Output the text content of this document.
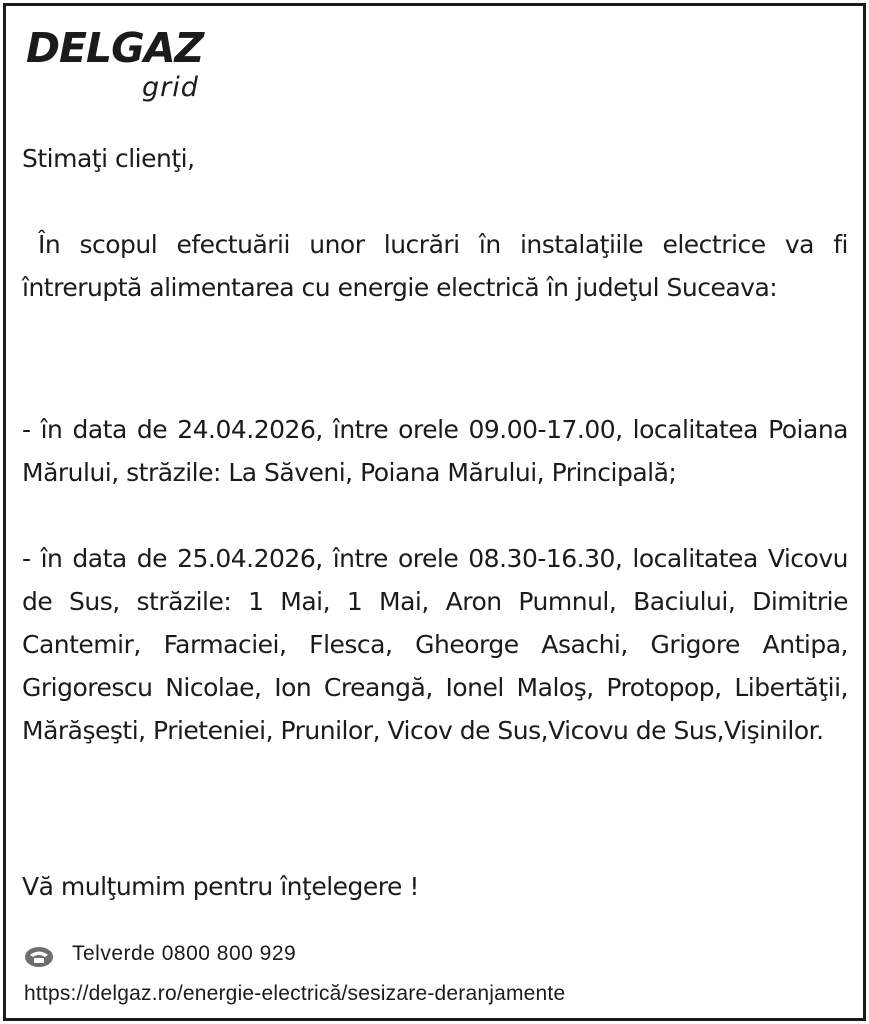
DELGAZ
grid
Stimaţi clienţi,
În scopul efectuării unor lucrări în instalaţiile electrice va fi întreruptă alimentarea cu energie electrică în judeţul Suceava:
- în data de 24.04.2026, între orele 09.00-17.00, localitatea Poiana Mărului, străzile: La Săveni, Poiana Mărului, Principală;
- în data de 25.04.2026, între orele 08.30-16.30, localitatea Vicovu de Sus, străzile: 1 Mai, 1 Mai, Aron Pumnul, Baciului, Dimitrie Cantemir, Farmaciei, Flesca, Gheorge Asachi, Grigore Antipa, Grigorescu Nicolae, Ion Creangă, Ionel Maloş, Protopop, Libertăţii, Mărăşeşti, Prieteniei, Prunilor, Vicov de Sus,Vicovu de Sus,Vişinilor.
Vă mulţumim pentru înţelegere !
Telverde 0800 800 929
https://delgaz.ro/energie-electrică/sesizare-deranjamente
